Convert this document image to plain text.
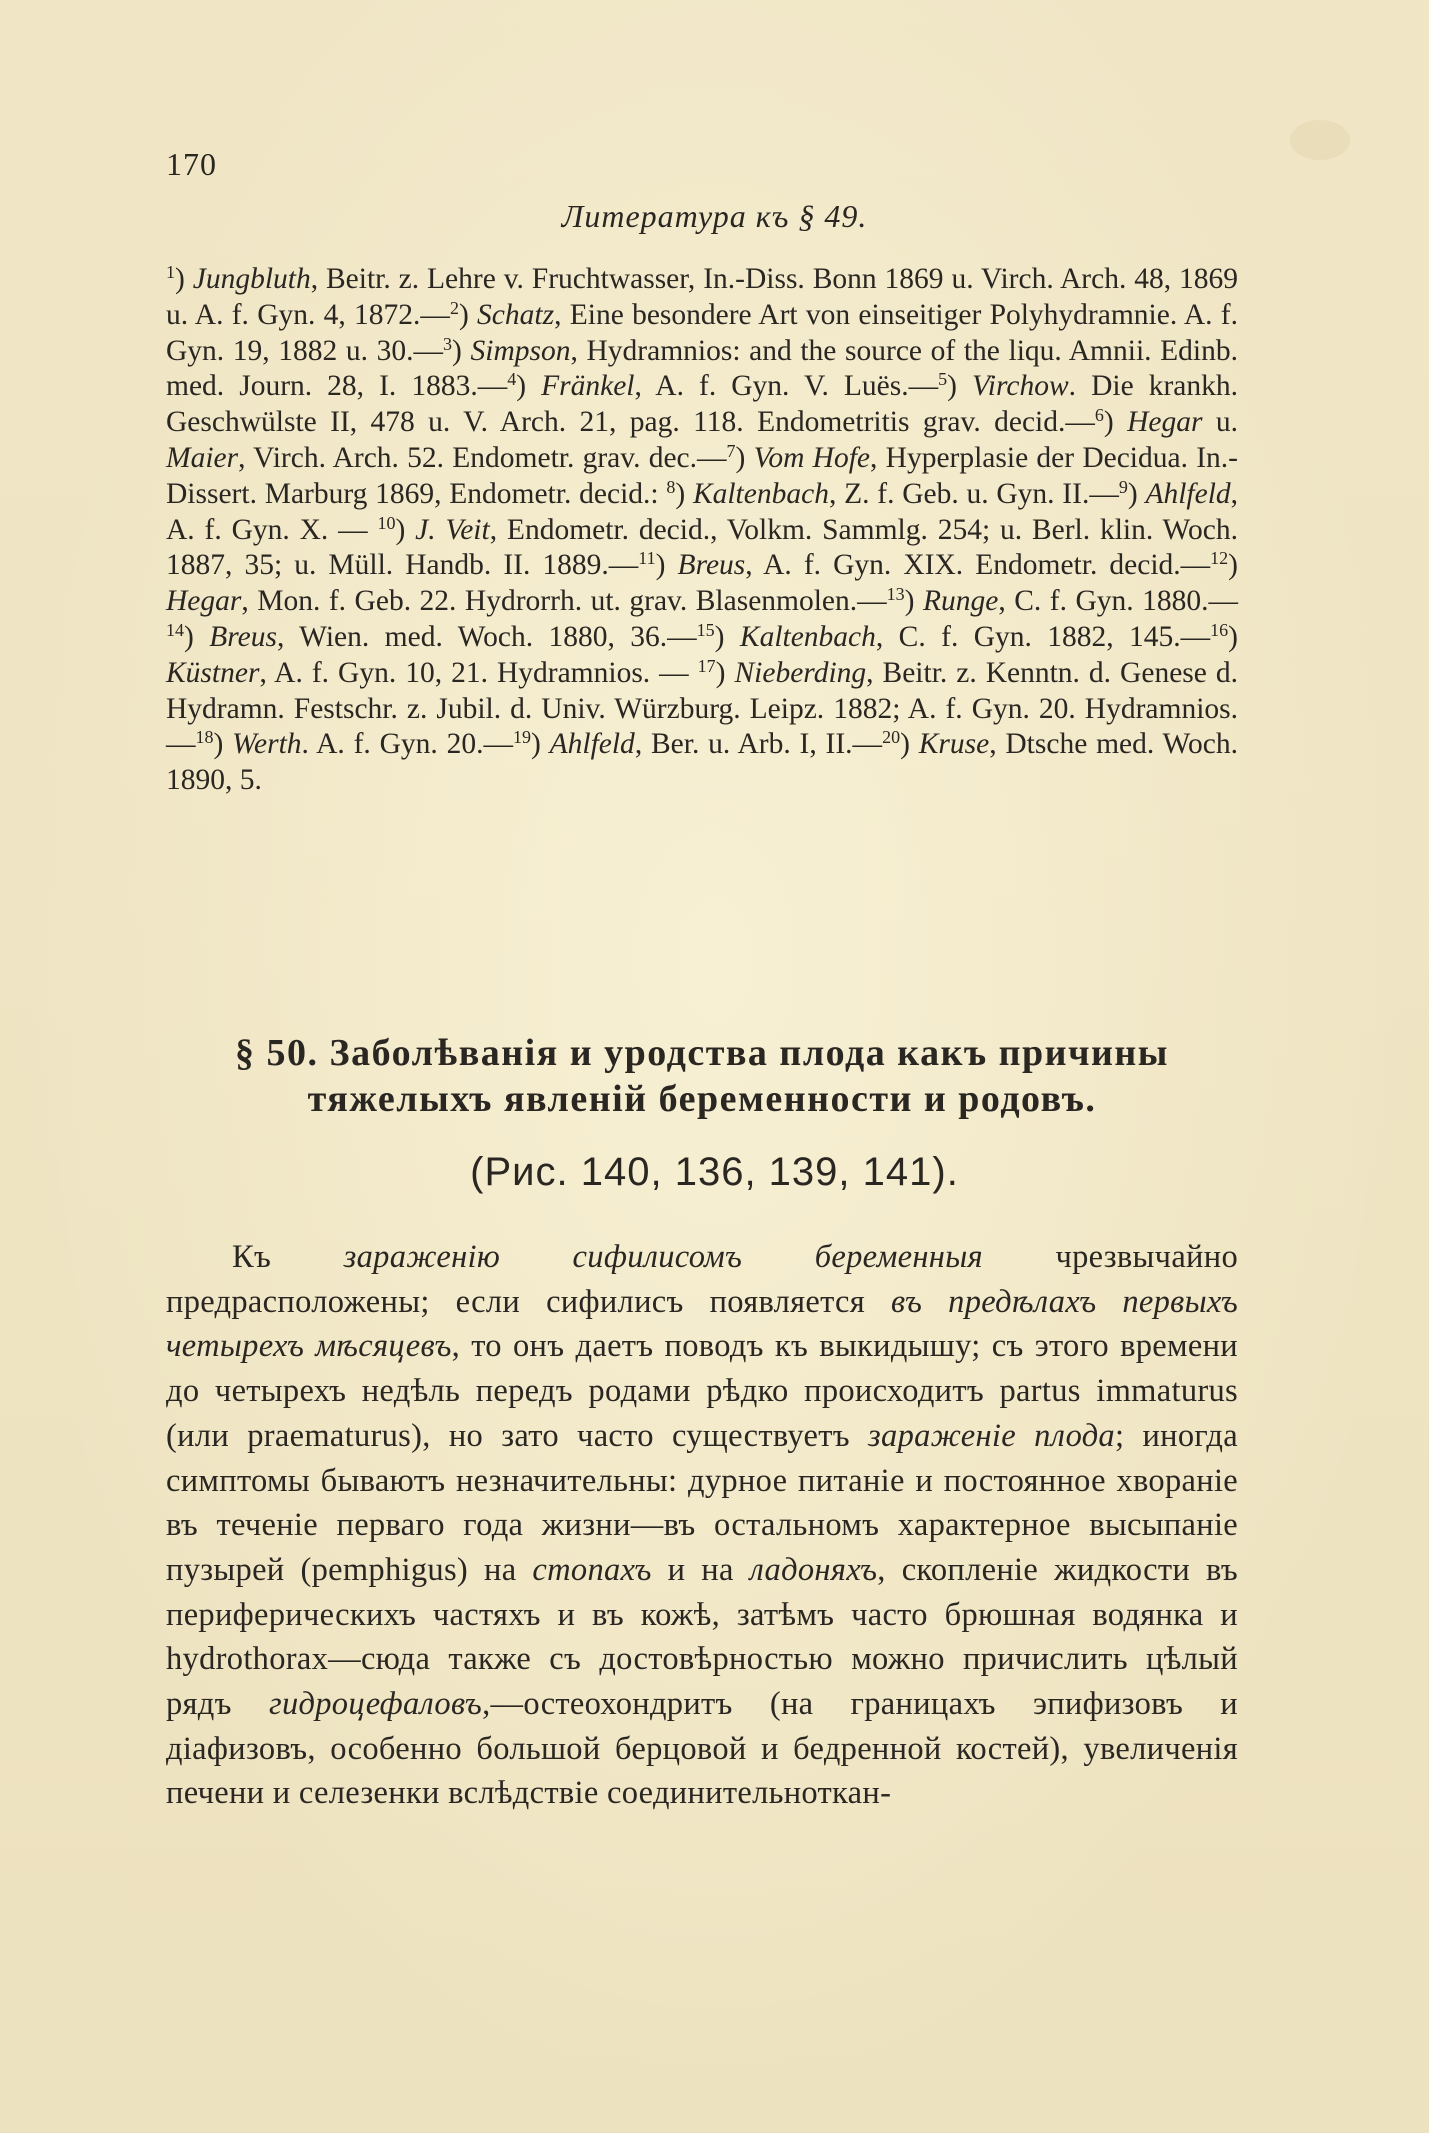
170
Литература къ § 49.
$^1$) Jungbluth, Beitr. z. Lehre v. Fruchtwasser, In.-Diss. Bonn 1869 u. Virch. Arch. 48, 1869 u. A. f. Gyn. 4, 1872.—$^2$) Schatz, Eine besondere Art von einseitiger Polyhydramnie. A. f. Gyn. 19, 1882 u. 30.—$^3$) Simpson, Hydramnios: and the source of the liqu. Amnii. Edinb. med. Journ. 28, I. 1883.—$^4$) Fränkel, A. f. Gyn. V. Luës.—$^5$) Virchow. Die krankh. Geschwülste II, 478 u. V. Arch. 21, pag. 118. Endometritis grav. decid.—$^6$) Hegar u. Maier, Virch. Arch. 52. Endometr. grav. dec.—$^7$) Vom Hofe, Hyperplasie der Decidua. In.-Dissert. Marburg 1869, Endometr. decid.: $^8$) Kaltenbach, Z. f. Geb. u. Gyn. II.—$^9$) Ahlfeld, A. f. Gyn. X. — $^{10}$) J. Veit, Endometr. decid., Volkm. Sammlg. 254; u. Berl. klin. Woch. 1887, 35; u. Müll. Handb. II. 1889.—$^{11}$) Breus, A. f. Gyn. XIX. Endometr. decid.—$^{12}$) Hegar, Mon. f. Geb. 22. Hydrorrh. ut. grav. Blasenmolen.—$^{13}$) Runge, C. f. Gyn. 1880.—$^{14}$) Breus, Wien. med. Woch. 1880, 36.—$^{15}$) Kaltenbach, C. f. Gyn. 1882, 145.—$^{16}$) Küstner, A. f. Gyn. 10, 21. Hydramnios. — $^{17}$) Nieberding, Beitr. z. Kenntn. d. Genese d. Hydramn. Festschr. z. Jubil. d. Univ. Würzburg. Leipz. 1882; A. f. Gyn. 20. Hydramnios.—$^{18}$) Werth. A. f. Gyn. 20.—$^{19}$) Ahlfeld, Ber. u. Arb. I, II.—$^{20}$) Kruse, Dtsche med. Woch. 1890, 5.
§ 50. Заболѣванія и уродства плода какъ причины
тяжелыхъ явленій беременности и родовъ.
(Рис. 140, 136, 139, 141).
Къ зараженію сифилисомъ беременныя чрезвычайно предрасположены; если сифилисъ появляется въ предѣлахъ первыхъ четырехъ мѣсяцевъ, то онъ даетъ поводъ къ выкидышу; съ этого времени до четырехъ недѣль передъ родами рѣдко происходитъ partus immaturus (или praematurus), но зато часто существуетъ зараженіе плода; иногда симптомы бываютъ незначительны: дурное питаніе и постоянное хвораніе въ теченіе перваго года жизни—въ остальномъ характерное высыпаніе пузырей (pemphigus) на стопахъ и на ладоняхъ, скопленіе жидкости въ периферическихъ частяхъ и въ кожѣ, затѣмъ часто брюшная водянка и hydrothorax—сюда также съ достовѣрностью можно причислить цѣлый рядъ гидроцефаловъ,—остеохондритъ (на границахъ эпифизовъ и діафизовъ, особенно большой берцовой и бедренной костей), увеличенія печени и селезенки вслѣдствіе соединительноткан-
